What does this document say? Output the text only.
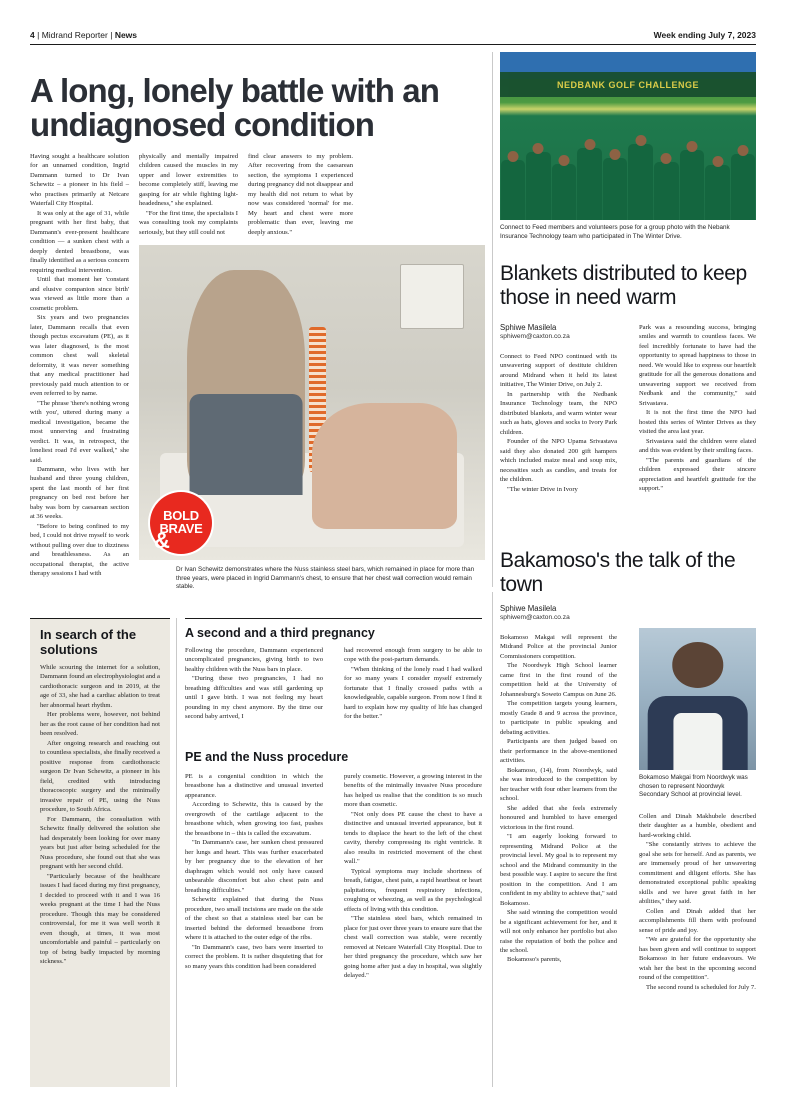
4 | Midrand Reporter | News	Week ending July 7, 2023
A long, lonely battle with an undiagnosed condition

Having sought a healthcare solution for an unnamed condition, Ingrid Dammann turned to Dr Ivan Schewitz – a pioneer in his field – who practises primarily at Netcare Waterfall City Hospital.

It was only at the age of 31, while pregnant with her first baby, that Dammann's ever-present healthcare condition — a sunken chest with a deeply dented breastbone, was finally identified as a serious concern requiring medical intervention.

Until that moment her 'constant and elusive companion since birth' was viewed as little more than a cosmetic problem.

Six years and two pregnancies later, Dammann recalls that even though pectus excavatum (PE), as it was later diagnosed, is the most common chest wall skeletal deformity, it was never something that any medical practitioner had previously paid much attention to or even referred to by name.

"The phrase 'there's nothing wrong with you', uttered during many a medical investigation, became the most unnerving and frustrating verdict. It was, in retrospect, the loneliest road I'd ever walked," she said.

Dammann, who lives with her husband and three young children, spent the last month of her first pregnancy on bed rest before her baby was born by caesarean section at 36 weeks.

"Before to being confined to my bed, I could not drive myself to work without pulling over due to dizziness and breathlessness. As an occupational therapist, the active therapy sessions I had with

physically and mentally impaired children caused the muscles in my upper and lower extremities to become completely stiff, leaving me gasping for air while fighting light-headedness," she explained.

"For the first time, the specialists I was consulting took my complaints seriously, but they still could not

find clear answers to my problem. After recovering from the caesarean section, the symptoms I experienced during pregnancy did not disappear and my health did not return to what by now was considered 'normal' for me. My heart and chest were more problematic than ever, leaving me deeply anxious."

BOLD
BRAVE
&
Dr Ivan Schewitz demonstrates where the Nuss stainless steel bars, which remained in place for more than three years, were placed in Ingrid Dammann's chest, to ensure that her chest wall correction would remain stable.
NEDBANK GOLF CHALLENGE
Connect to Feed members and volunteers pose for a group photo with the Nebank Insurance Technology team who participated in The Winter Drive.
Blankets distributed to keep those in need warm
Sphiwe Masilela
sphiwem@caxton.co.za

Connect to Feed NPO continued with its unwavering support of destitute children around Midrand when it held its latest initiative, The Winter Drive, on July 2.

In partnership with the Nedbank Insurance Technology team, the NPO distributed blankets, and warm winter wear such as hats, gloves and socks to Ivory Park children.

Founder of the NPO Upama Srivastava said they also donated 200 gift hampers which included maize meal and soup mix, necessities such as candles, and treats for the children.

"The winter Drive in Ivory

Park was a resounding success, bringing smiles and warmth to countless faces. We feel incredibly fortunate to have had the opportunity to spread happiness to those in need. We would like to express our heartfelt gratitude for all the generous donations and unwavering support we received from Nedbank and the community," said Srivastava.

It is not the first time the NPO had hosted this series of Winter Drives as they visited the area last year.

Srivastava said the children were elated and this was evident by their smiling faces.

"The parents and guardians of the children expressed their sincere appreciation and heartfelt gratitude for the support."

Bakamoso's the talk of the town
Sphiwe Masilela
sphiwem@caxton.co.za

Bokamoso Makgai will represent the Midrand Police at the provincial Junior Commissioners competition.

The Noordwyk High School learner came first in the first round of the competition held at the University of Johannesburg's Soweto Campus on June 26.

The competition targets young learners, mostly Grade 8 and 9 across the province, to participate in public speaking and debating activities.

Participants are then judged based on their performance in the above-mentioned activities.

Bokamoso, (14), from Noordwyk, said she was introduced to the competition by her teacher with four other learners from the school.

She added that she feels extremely honoured and humbled to have emerged victorious in the first round.

"I am eagerly looking forward to representing Midrand Police at the provincial level. My goal is to represent my school and the Midrand community in the best possible way. I aspire to secure the first position in the competition. And I am confident in my ability to achieve that," said Bokamoso.

She said winning the competition would be a significant achievement for her, and it will not only enhance her portfolio but also raise the reputation of both the police and the school.

Bokamoso's parents,

Bokamoso Makgai from Noordwyk was chosen to represent Noordwyk Secondary School at provincial level.

Collen and Dinah Makhubele described their daughter as a humble, obedient and hard-working child.

"She constantly strives to achieve the goal she sets for herself. And as parents, we are immensely proud of her unwavering commitment and diligent efforts. She has demonstrated exceptional public speaking skills and we have great faith in her abilities," they said.

Collen and Dinah added that her accomplishments fill them with profound sense of pride and joy.

"We are grateful for the opportunity she has been given and will continue to support Bokamoso in her future endeavours. We wish her the best in the upcoming second round of the competition".

The second round is scheduled for July 7.

In search of the solutions

While scouring the internet for a solution, Dammann found an electrophysiologist and a cardiothoracic surgeon and in 2019, at the age of 33, she had a cardiac ablation to treat her abnormal heart rhythm.

Her problems were, however, not behind her as the root cause of her condition had not been resolved.

After ongoing research and reaching out to countless specialists, she finally received a positive response from cardiothoracic surgeon Dr Ivan Schewitz, a pioneer in his field, credited with introducing thoracoscopic surgery and the minimally invasive repair of PE, using the Nuss procedure, to South Africa.

For Dammann, the consultation with Schewitz finally delivered the solution she had desperately been looking for over many years but just after being scheduled for the Nuss procedure, she found out that she was pregnant with her second child.

"Particularly because of the healthcare issues I had faced during my first pregnancy, I decided to proceed with it and I was 16 weeks pregnant at the time I had the Nuss procedure. Though this may be considered controversial, for me it was well worth it even though, at times, it was most uncomfortable and painful – particularly on top of being badly impacted by morning sickness."

A second and a third pregnancy

Following the procedure, Dammann experienced uncomplicated pregnancies, giving birth to two healthy children with the Nuss bars in place.

"During these two pregnancies, I had no breathing difficulties and was still gardening up until I gave birth. I was not feeling my heart pounding in my chest anymore. By the time our second baby arrived, I

had recovered enough from surgery to be able to cope with the post-partum demands.

"When thinking of the lonely road I had walked for so many years I consider myself extremely fortunate that I finally crossed paths with a knowledgeable, capable surgeon. From now I find it hard to explain how my quality of life has changed for the better."

PE and the Nuss procedure

PE is a congenital condition in which the breastbone has a distinctive and unusual inverted appearance.

According to Schewitz, this is caused by the overgrowth of the cartilage adjacent to the breastbone which, when growing too fast, pushes the breastbone in – this is called the excavatum.

"In Dammann's case, her sunken chest pressured her lungs and heart. This was further exacerbated by her pregnancy due to the elevation of her diaphragm which would not only have caused unbearable discomfort but also chest pain and breathing difficulties."

Schewitz explained that during the Nuss procedure, two small incisions are made on the side of the chest so that a stainless steel bar can be inserted behind the deformed breastbone from where it is attached to the outer edge of the ribs.

"In Dammann's case, two bars were inserted to correct the problem. It is rather disquieting that for so many years this condition had been considered

purely cosmetic. However, a growing interest in the benefits of the minimally invasive Nuss procedure has helped us realise that the condition is so much more than cosmetic.

"Not only does PE cause the chest to have a distinctive and unusual inverted appearance, but it tends to displace the heart to the left of the chest cavity, thereby compressing its right ventricle. It also results in restricted movement of the chest wall."

Typical symptoms may include shortness of breath, fatigue, chest pain, a rapid heartbeat or heart palpitations, frequent respiratory infections, coughing or wheezing, as well as the psychological effects of living with this condition.

"The stainless steel bars, which remained in place for just over three years to ensure sure that the chest wall correction was stable, were recently removed at Netcare Waterfall City Hospital. Due to her third pregnancy the procedure, which saw her going home after just a day in hospital, was slightly delayed."
